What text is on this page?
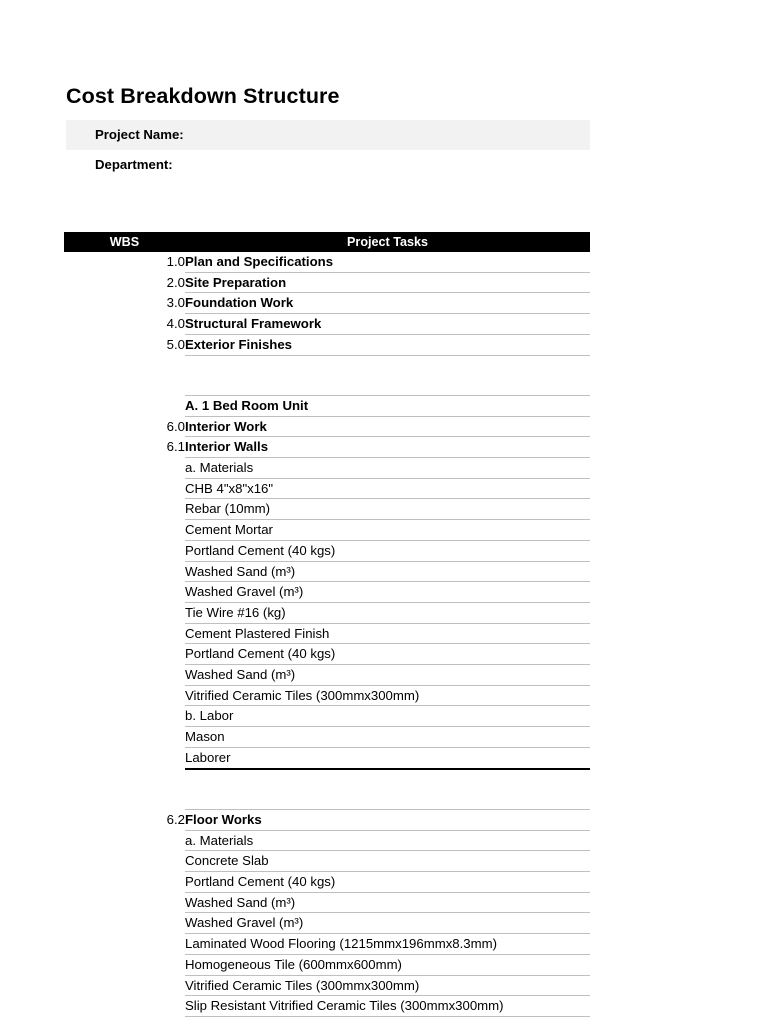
Cost Breakdown Structure
Project Name:
Department:
WBS	Project Tasks
1.0	Plan and Specifications
2.0	Site Preparation
3.0	Foundation Work
4.0	Structural Framework
5.0	Exterior Finishes

	A. 1 Bed Room Unit
6.0	Interior Work
6.1	Interior Walls
	a. Materials
	CHB 4"x8"x16"
	Rebar (10mm)
	Cement Mortar
	Portland Cement (40 kgs)
	Washed Sand (m³)
	Washed Gravel (m³)
	Tie Wire #16 (kg)
	Cement Plastered Finish
	Portland Cement (40 kgs)
	Washed Sand (m³)
	Vitrified Ceramic Tiles (300mmx300mm)
	b. Labor
	Mason
	Laborer

6.2	Floor Works
	a. Materials
	Concrete Slab
	Portland Cement (40 kgs)
	Washed Sand (m³)
	Washed Gravel (m³)
	Laminated Wood Flooring (1215mmx196mmx8.3mm)
	Homogeneous Tile (600mmx600mm)
	Vitrified Ceramic Tiles (300mmx300mm)
	Slip Resistant Vitrified Ceramic Tiles (300mmx300mm)
